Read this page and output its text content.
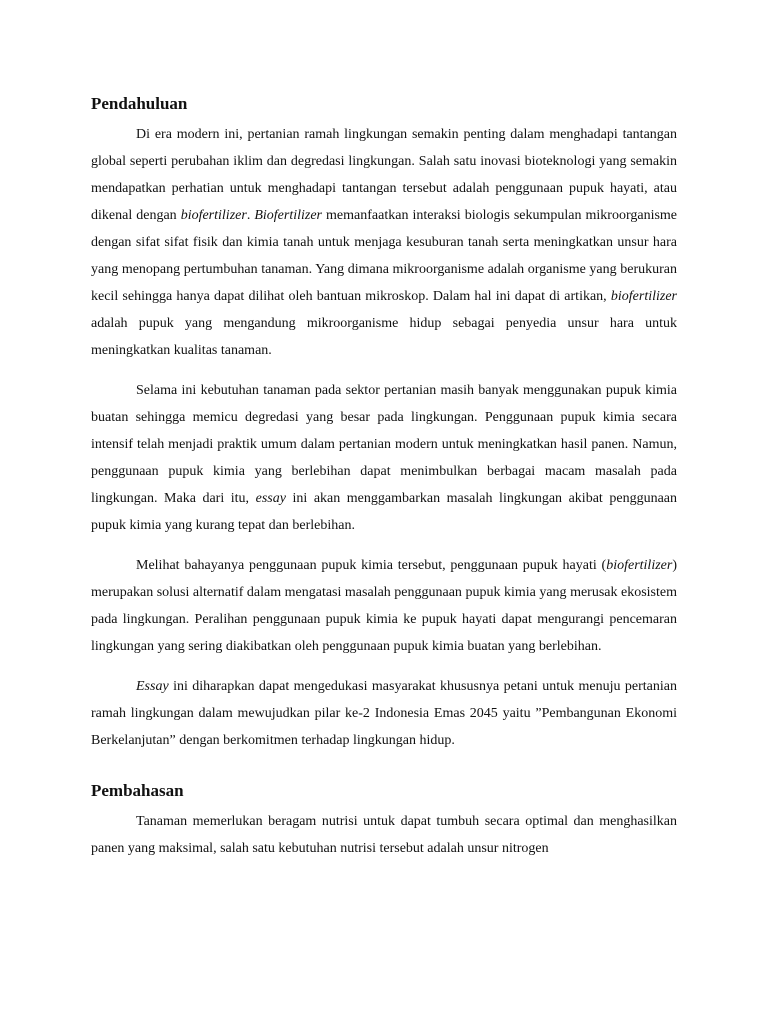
Pendahuluan

Di era modern ini, pertanian ramah lingkungan semakin penting dalam menghadapi tantangan global seperti perubahan iklim dan degredasi lingkungan. Salah satu inovasi bioteknologi yang semakin mendapatkan perhatian untuk menghadapi tantangan tersebut adalah penggunaan pupuk hayati, atau dikenal dengan biofertilizer. Biofertilizer memanfaatkan interaksi biologis sekumpulan mikroorganisme dengan sifat sifat fisik dan kimia tanah untuk menjaga kesuburan tanah serta meningkatkan unsur hara yang menopang pertumbuhan tanaman. Yang dimana mikroorganisme adalah organisme yang berukuran kecil sehingga hanya dapat dilihat oleh bantuan mikroskop. Dalam hal ini dapat di artikan, biofertilizer adalah pupuk yang mengandung mikroorganisme hidup sebagai penyedia unsur hara untuk meningkatkan kualitas tanaman.

Selama ini kebutuhan tanaman pada sektor pertanian masih banyak menggunakan pupuk kimia buatan sehingga memicu degredasi yang besar pada lingkungan. Penggunaan pupuk kimia secara intensif telah menjadi praktik umum dalam pertanian modern untuk meningkatkan hasil panen. Namun, penggunaan pupuk kimia yang berlebihan dapat menimbulkan berbagai macam masalah pada lingkungan. Maka dari itu, essay ini akan menggambarkan masalah lingkungan akibat penggunaan pupuk kimia yang kurang tepat dan berlebihan.

Melihat bahayanya penggunaan pupuk kimia tersebut, penggunaan pupuk hayati (biofertilizer) merupakan solusi alternatif dalam mengatasi masalah penggunaan pupuk kimia yang merusak ekosistem pada lingkungan. Peralihan penggunaan pupuk kimia ke pupuk hayati dapat mengurangi pencemaran lingkungan yang sering diakibatkan oleh penggunaan pupuk kimia buatan yang berlebihan.

Essay ini diharapkan dapat mengedukasi masyarakat khususnya petani untuk menuju pertanian ramah lingkungan dalam mewujudkan pilar ke-2 Indonesia Emas 2045 yaitu ”Pembangunan Ekonomi Berkelanjutan” dengan berkomitmen terhadap lingkungan hidup.

Pembahasan

Tanaman memerlukan beragam nutrisi untuk dapat tumbuh secara optimal dan menghasilkan panen yang maksimal, salah satu kebutuhan nutrisi tersebut adalah unsur nitrogen
